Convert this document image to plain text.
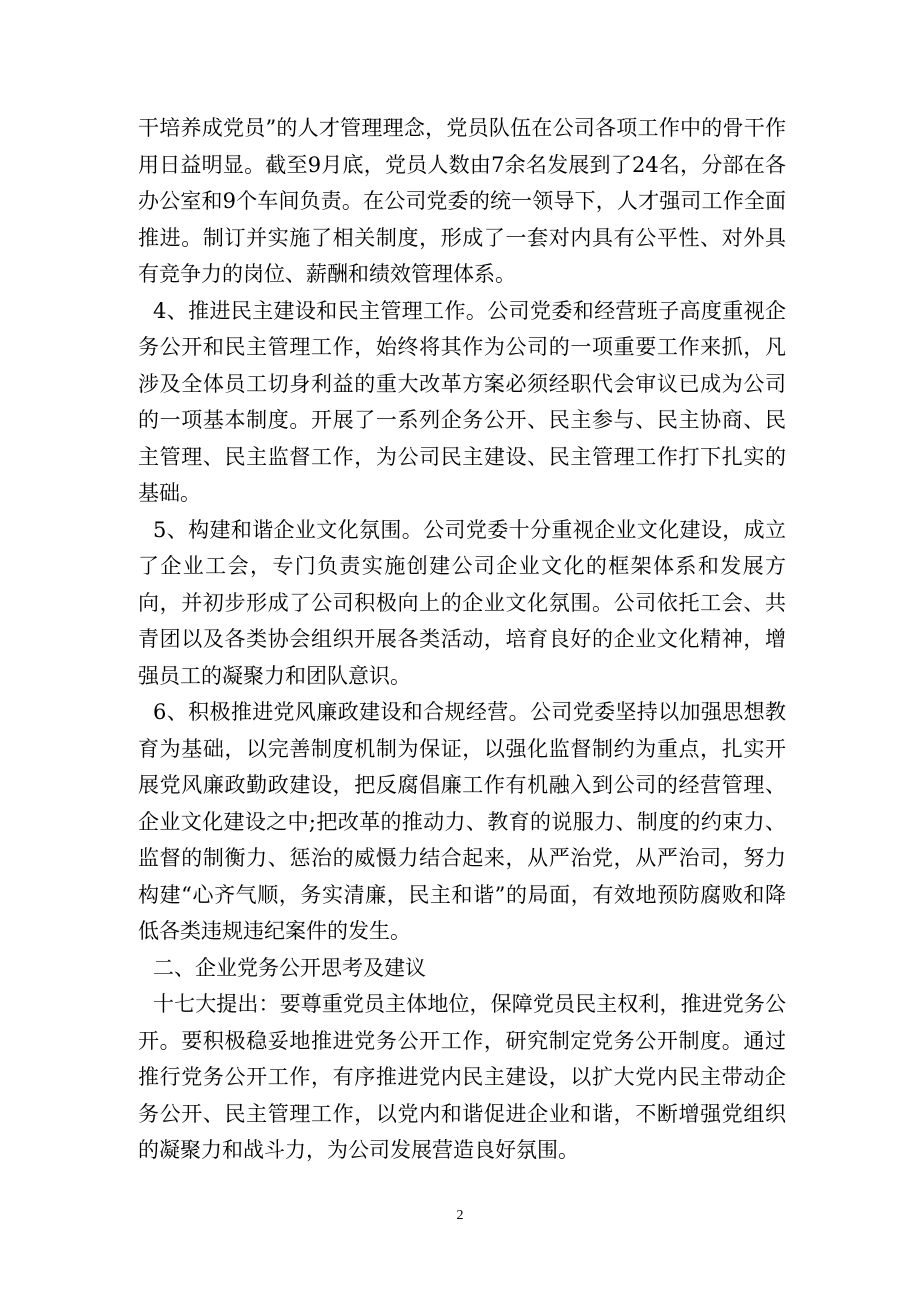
干培养成党员”的人才管理理念，党员队伍在公司各项工作中的骨干作用日益明显。截至9月底，党员人数由7余名发展到了24名，分部在各办公室和9个车间负责。在公司党委的统一领导下，人才强司工作全面推进。制订并实施了相关制度，形成了一套对内具有公平性、对外具有竞争力的岗位、薪酬和绩效管理体系。

4、推进民主建设和民主管理工作。公司党委和经营班子高度重视企务公开和民主管理工作，始终将其作为公司的一项重要工作来抓，凡涉及全体员工切身利益的重大改革方案必须经职代会审议已成为公司的一项基本制度。开展了一系列企务公开、民主参与、民主协商、民主管理、民主监督工作，为公司民主建设、民主管理工作打下扎实的基础。

5、构建和谐企业文化氛围。公司党委十分重视企业文化建设，成立了企业工会，专门负责实施创建公司企业文化的框架体系和发展方向，并初步形成了公司积极向上的企业文化氛围。公司依托工会、共青团以及各类协会组织开展各类活动，培育良好的企业文化精神，增强员工的凝聚力和团队意识。

6、积极推进党风廉政建设和合规经营。公司党委坚持以加强思想教育为基础，以完善制度机制为保证，以强化监督制约为重点，扎实开展党风廉政勤政建设，把反腐倡廉工作有机融入到公司的经营管理、企业文化建设之中;把改革的推动力、教育的说服力、制度的约束力、监督的制衡力、惩治的威慑力结合起来，从严治党，从严治司，努力构建“心齐气顺，务实清廉，民主和谐”的局面，有效地预防腐败和降低各类违规违纪案件的发生。

二、企业党务公开思考及建议

十七大提出：要尊重党员主体地位，保障党员民主权利，推进党务公开。要积极稳妥地推进党务公开工作，研究制定党务公开制度。通过推行党务公开工作，有序推进党内民主建设，以扩大党内民主带动企务公开、民主管理工作，以党内和谐促进企业和谐，不断增强党组织的凝聚力和战斗力，为公司发展营造良好氛围。

2
